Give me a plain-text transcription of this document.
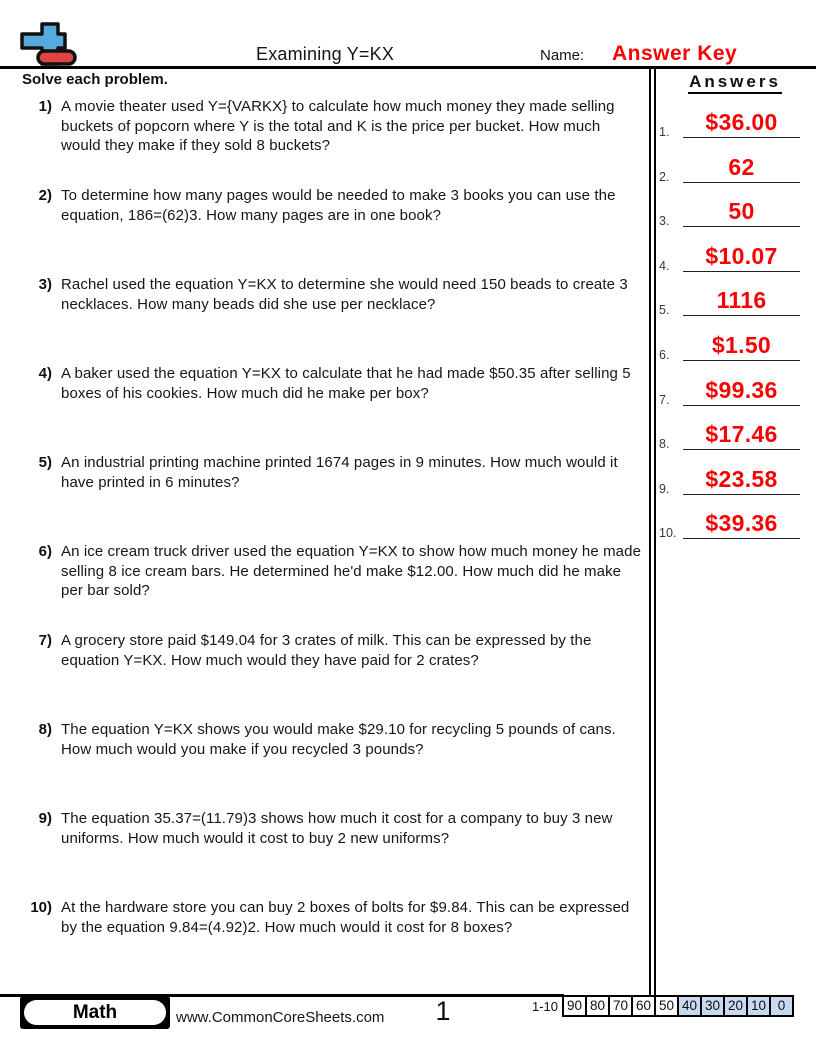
Examining Y=KX	Name: Answer Key
Solve each problem.	Answers
1.	$36.00
2.	62
3.	50
4.	$10.07
5.	1116
6.	$1.50
7.	$99.36
8.	$17.46
9.	$23.58
10.	$39.36
1) A movie theater used Y={VARKX} to calculate how much money they made selling buckets of popcorn where Y is the total and K is the price per bucket. How much would they make if they sold 8 buckets?
2) To determine how many pages would be needed to make 3 books you can use the equation, 186=(62)3. How many pages are in one book?
3) Rachel used the equation Y=KX to determine she would need 150 beads to create 3 necklaces. How many beads did she use per necklace?
4) A baker used the equation Y=KX to calculate that he had made $50.35 after selling 5 boxes of his cookies. How much did he make per box?
5) An industrial printing machine printed 1674 pages in 9 minutes. How much would it have printed in 6 minutes?
6) An ice cream truck driver used the equation Y=KX to show how much money he made selling 8 ice cream bars. He determined he'd make $12.00. How much did he make per bar sold?
7) A grocery store paid $149.04 for 3 crates of milk. This can be expressed by the equation Y=KX. How much would they have paid for 2 crates?
8) The equation Y=KX shows you would make $29.10 for recycling 5 pounds of cans. How much would you make if you recycled 3 pounds?
9) The equation 35.37=(11.79)3 shows how much it cost for a company to buy 3 new uniforms. How much would it cost to buy 2 new uniforms?
10) At the hardware store you can buy 2 boxes of bolts for $9.84. This can be expressed by the equation 9.84=(4.92)2. How much would it cost for 8 boxes?
Math	www.CommonCoreSheets.com	1	1-10 90 80 70 60 50 40 30 20 10 0
